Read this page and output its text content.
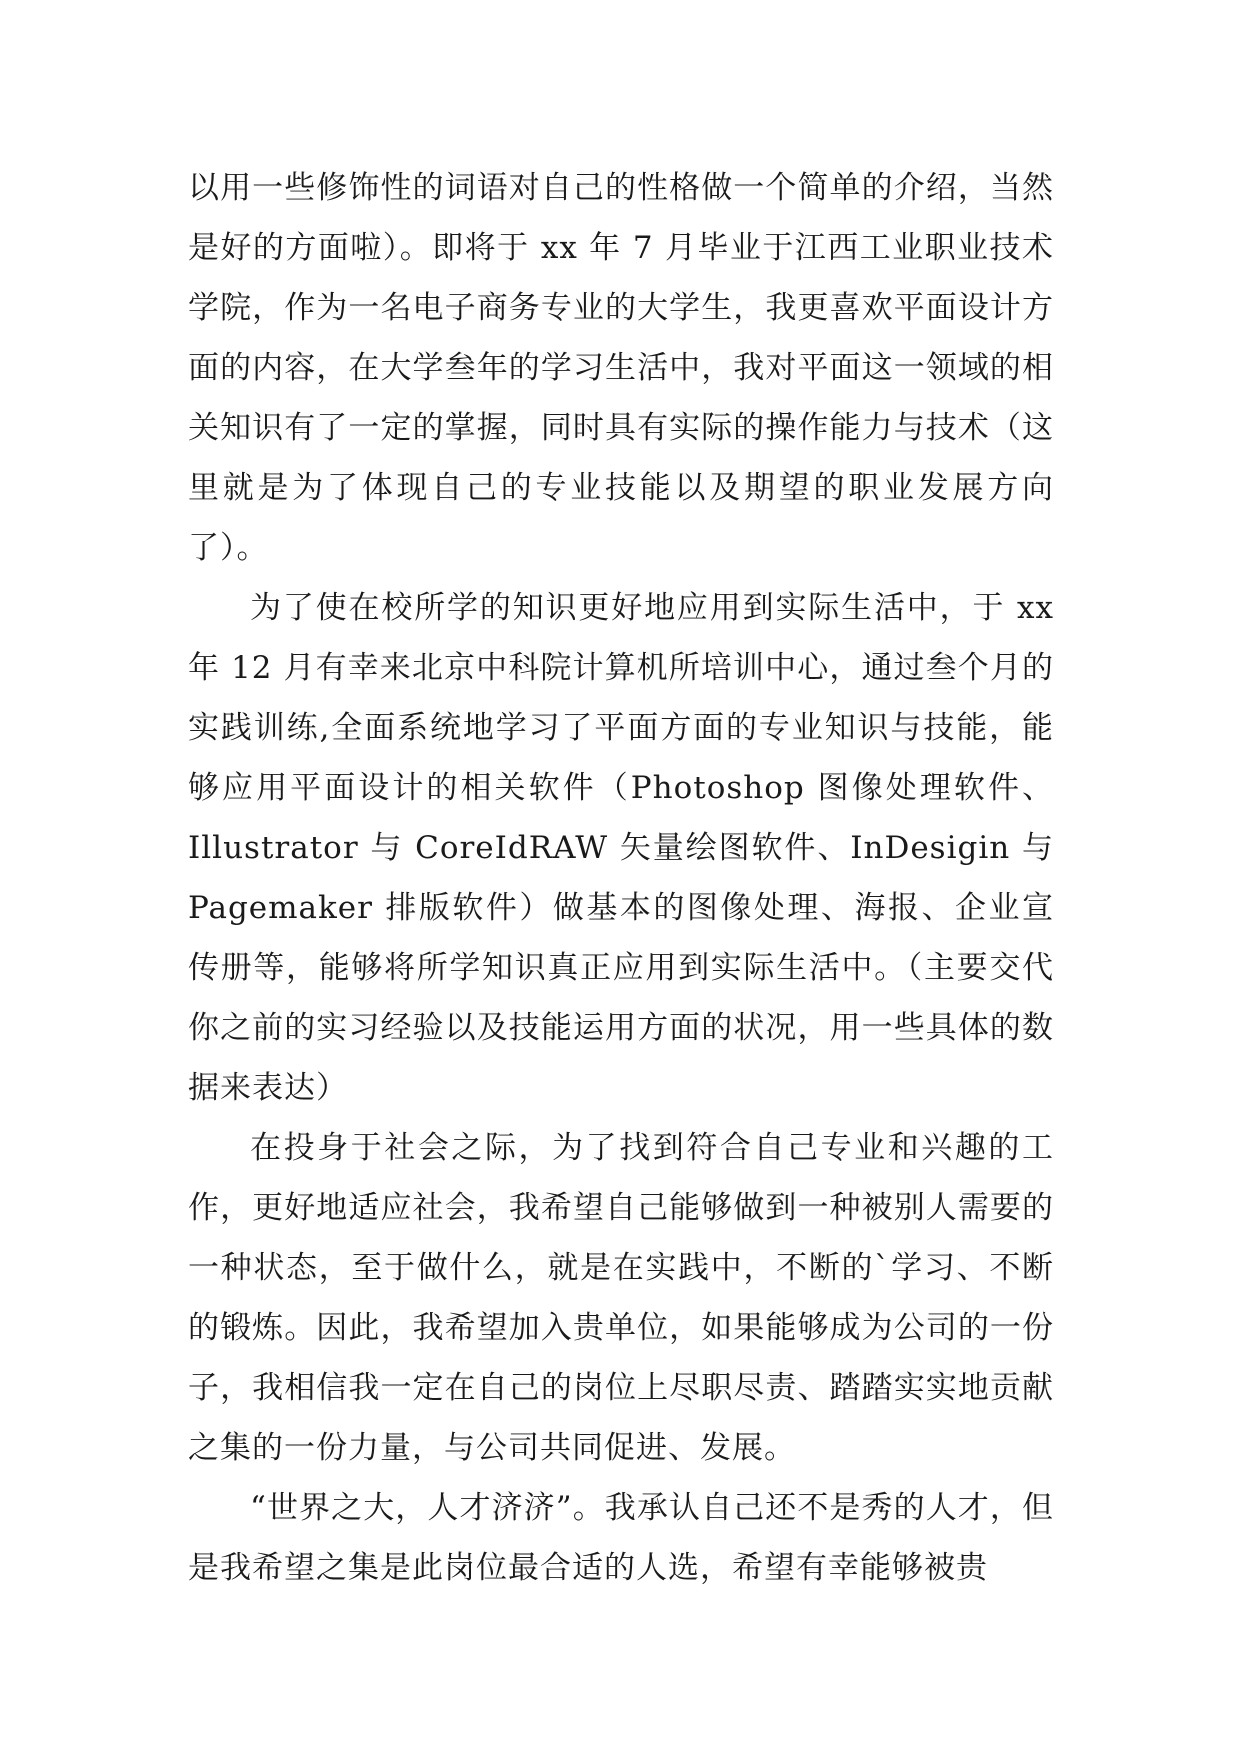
以用一些修饰性的词语对自己的性格做一个简单的介绍，当然是好的方面啦）。即将于 xx 年 7 月毕业于江西工业职业技术学院，作为一名电子商务专业的大学生，我更喜欢平面设计方面的内容，在大学叁年的学习生活中，我对平面这一领域的相关知识有了一定的掌握，同时具有实际的操作能力与技术（这里就是为了体现自己的专业技能以及期望的职业发展方向了）。

为了使在校所学的知识更好地应用到实际生活中，于 xx 年 12 月有幸来北京中科院计算机所培训中心，通过叁个月的实践训练,全面系统地学习了平面方面的专业知识与技能，能够应用平面设计的相关软件（Photoshop 图像处理软件、Illustrator 与 CoreIdRAW 矢量绘图软件、InDesigin 与 Pagemaker 排版软件）做基本的图像处理、海报、企业宣传册等，能够将所学知识真正应用到实际生活中。（主要交代你之前的实习经验以及技能运用方面的状况，用一些具体的数据来表达）

在投身于社会之际，为了找到符合自己专业和兴趣的工作，更好地适应社会，我希望自己能够做到一种被别人需要的一种状态，至于做什么，就是在实践中，不断的`学习、不断的锻炼。因此，我希望加入贵单位，如果能够成为公司的一份子，我相信我一定在自己的岗位上尽职尽责、踏踏实实地贡献之集的一份力量，与公司共同促进、发展。

“世界之大，人才济济”。我承认自己还不是秀的人才，但是我希望之集是此岗位最合适的人选，希望有幸能够被贵
